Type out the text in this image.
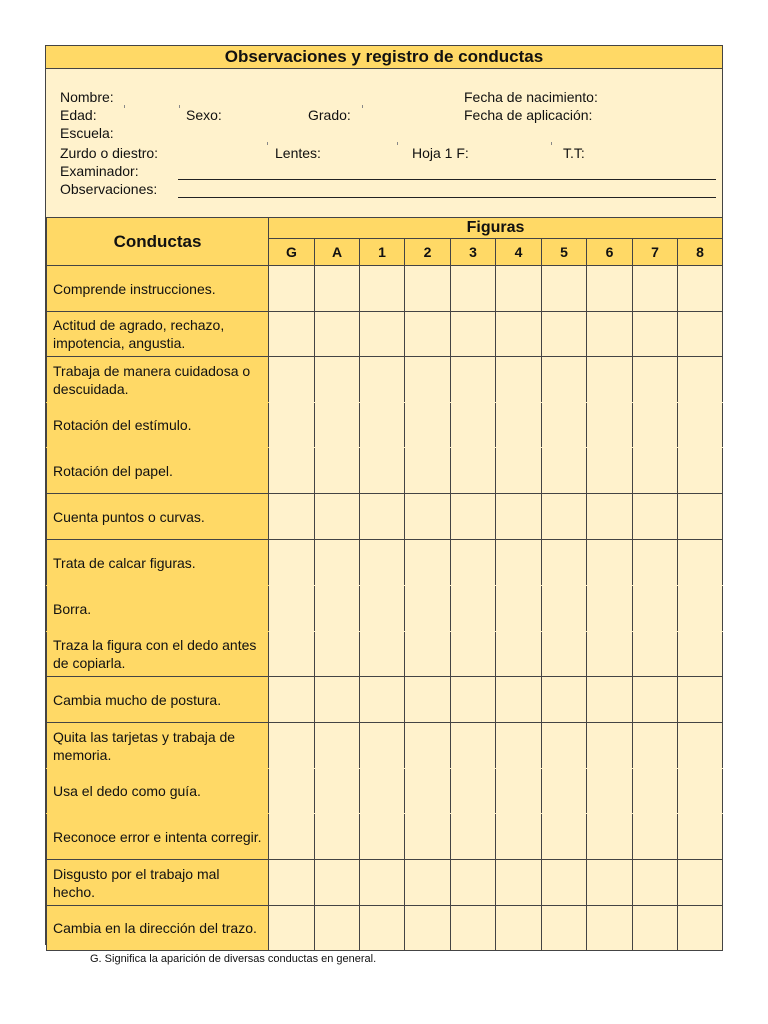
Observaciones y registro de conductas
Nombre:	Fecha de nacimiento:
Edad:	Sexo:	Grado:	Fecha de aplicación:
Escuela:
Zurdo o diestro:	Lentes:	Hoja 1 F:	T.T:
Examinador:
Observaciones:
Conductas	Figuras									
	G	A	1	2	3	4	5	6	7	8
Comprende instrucciones.										
Actitud de agrado, rechazo, impotencia, angustia.										
Trabaja de manera cuidadosa o descuidada.										
Rotación del estímulo.										
Rotación del papel.										
Cuenta puntos o curvas.										
Trata de calcar figuras.										
Borra.										
Traza la figura con el dedo antes de copiarla.										
Cambia mucho de postura.										
Quita las tarjetas y trabaja de memoria.										
Usa el dedo como guía.										
Reconoce error e intenta corregir.										
Disgusto por el trabajo mal hecho.										
Cambia en la dirección del trazo.										
G. Significa la aparición de diversas conductas en general.
